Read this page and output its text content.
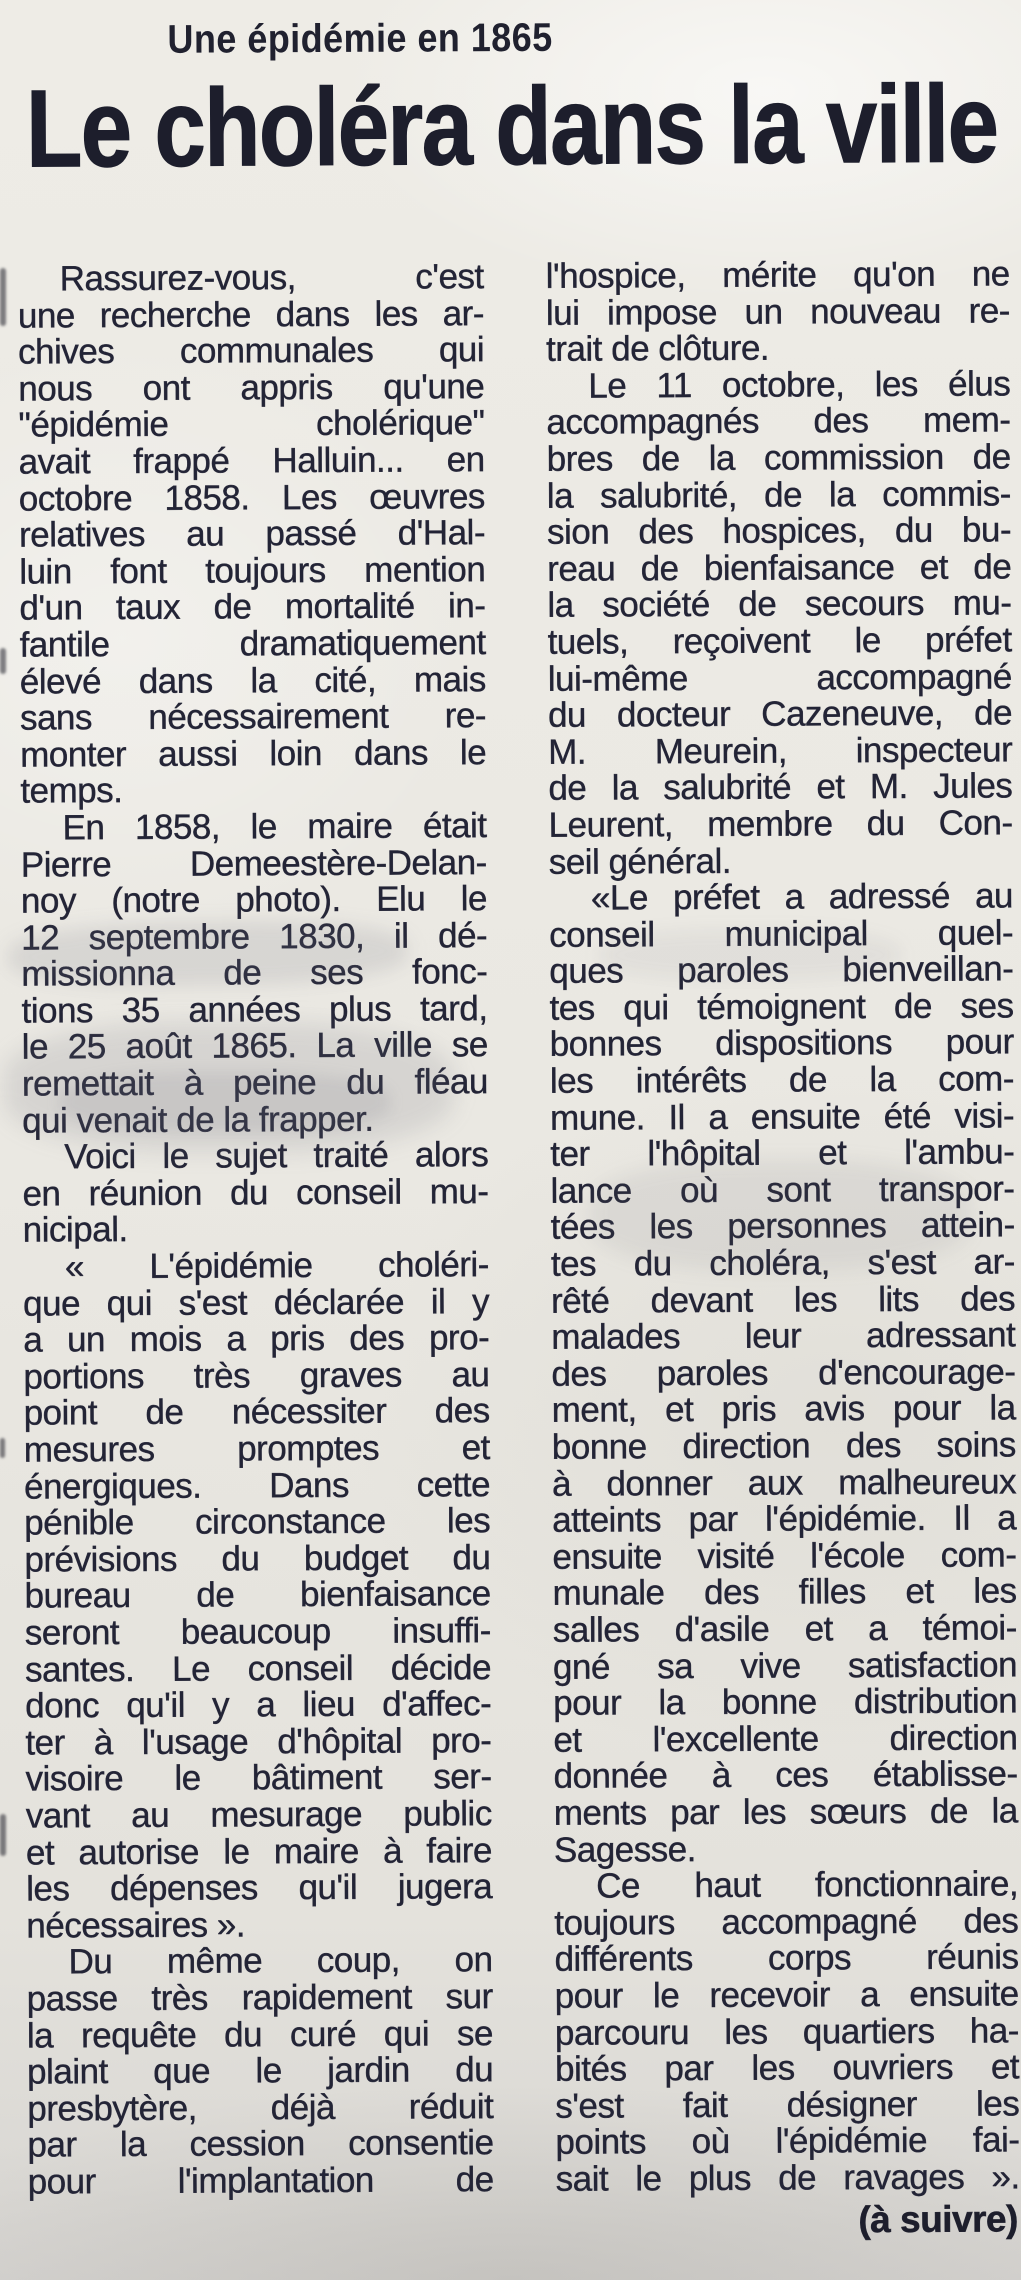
Une épidémie en 1865
Le choléra dans la ville
Rassurez-vous, c'est
une recherche dans les ar-
chives communales qui
nous ont appris qu'une
"épidémie cholérique"
avait frappé Halluin... en
octobre 1858. Les œuvres
relatives au passé d'Hal-
luin font toujours mention
d'un taux de mortalité in-
fantile dramatiquement
élevé dans la cité, mais
sans nécessairement re-
monter aussi loin dans le
temps.
En 1858, le maire était
Pierre Demeestère-Delan-
noy (notre photo). Elu le
12 septembre 1830, il dé-
missionna de ses fonc-
tions 35 années plus tard,
le 25 août 1865. La ville se
remettait à peine du fléau
qui venait de la frapper.
Voici le sujet traité alors
en réunion du conseil mu-
nicipal.
« L'épidémie choléri-
que qui s'est déclarée il y
a un mois a pris des pro-
portions très graves au
point de nécessiter des
mesures promptes et
énergiques. Dans cette
pénible circonstance les
prévisions du budget du
bureau de bienfaisance
seront beaucoup insuffi-
santes. Le conseil décide
donc qu'il y a lieu d'affec-
ter à l'usage d'hôpital pro-
visoire le bâtiment ser-
vant au mesurage public
et autorise le maire à faire
les dépenses qu'il jugera
nécessaires ».
Du même coup, on
passe très rapidement sur
la requête du curé qui se
plaint que le jardin du
presbytère, déjà réduit
par la cession consentie
pour l'implantation de
l'hospice, mérite qu'on ne
lui impose un nouveau re-
trait de clôture.
Le 11 octobre, les élus
accompagnés des mem-
bres de la commission de
la salubrité, de la commis-
sion des hospices, du bu-
reau de bienfaisance et de
la société de secours mu-
tuels, reçoivent le préfet
lui-même accompagné
du docteur Cazeneuve, de
M. Meurein, inspecteur
de la salubrité et M. Jules
Leurent, membre du Con-
seil général.
«Le préfet a adressé au
conseil municipal quel-
ques paroles bienveillan-
tes qui témoignent de ses
bonnes dispositions pour
les intérêts de la com-
mune. Il a ensuite été visi-
ter l'hôpital et l'ambu-
lance où sont transpor-
tées les personnes attein-
tes du choléra, s'est ar-
rêté devant les lits des
malades leur adressant
des paroles d'encourage-
ment, et pris avis pour la
bonne direction des soins
à donner aux malheureux
atteints par l'épidémie. Il a
ensuite visité l'école com-
munale des filles et les
salles d'asile et a témoi-
gné sa vive satisfaction
pour la bonne distribution
et l'excellente direction
donnée à ces établisse-
ments par les sœurs de la
Sagesse.
Ce haut fonctionnaire,
toujours accompagné des
différents corps réunis
pour le recevoir a ensuite
parcouru les quartiers ha-
bités par les ouvriers et
s'est fait désigner les
points où l'épidémie fai-
sait le plus de ravages ».
(à suivre)
